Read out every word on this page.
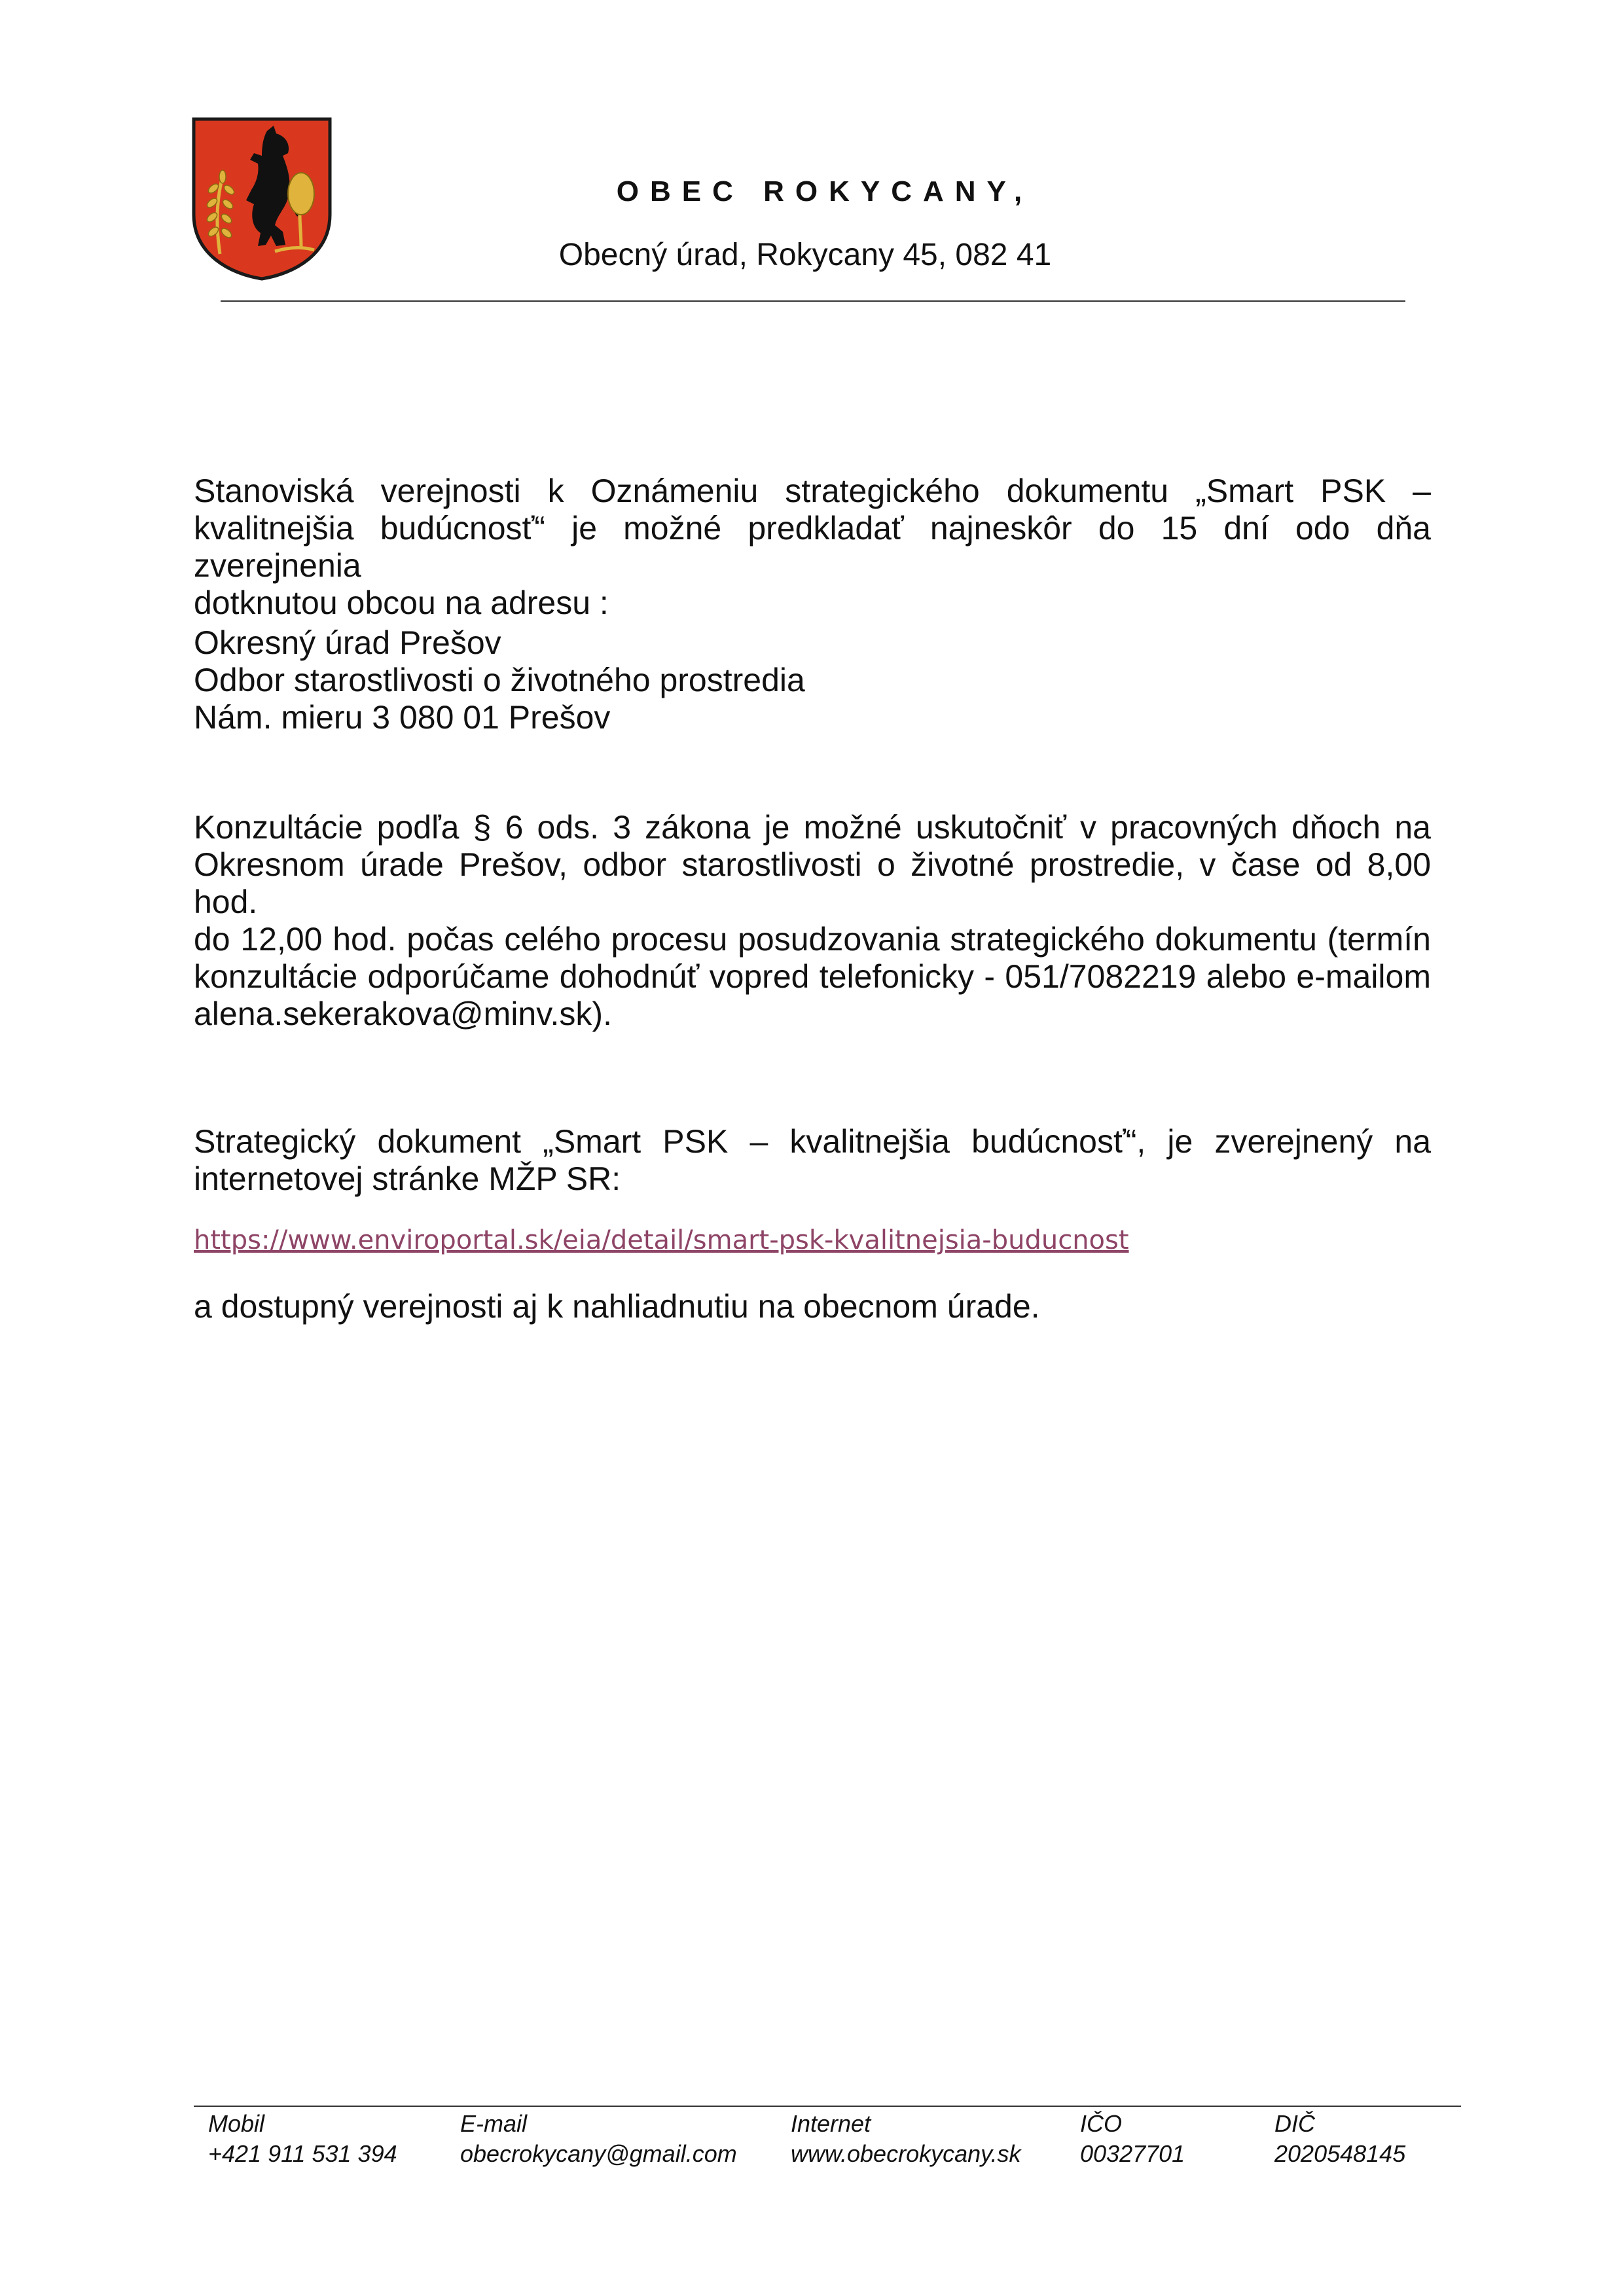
OBEC ROKYCANY,
Obecný úrad, Rokycany 45, 082 41
Stanoviská verejnosti k Oznámeniu strategického dokumentu „Smart PSK –
kvalitnejšia budúcnosť“ je možné predkladať najneskôr do 15 dní odo dňa zverejnenia
dotknutou obcou na adresu :
Okresný úrad Prešov
Odbor starostlivosti o životného prostredia
Nám. mieru 3 080 01 Prešov
Konzultácie podľa § 6 ods. 3 zákona je možné uskutočniť v pracovných dňoch na
Okresnom úrade Prešov, odbor starostlivosti o životné prostredie, v čase od 8,00 hod.
do 12,00 hod. počas celého procesu posudzovania strategického dokumentu (termín
konzultácie odporúčame dohodnúť vopred telefonicky - 051/7082219 alebo e-mailom
alena.sekerakova@minv.sk).
Strategický dokument „Smart PSK – kvalitnejšia budúcnosť“, je zverejnený na
internetovej stránke MŽP SR:
https://www.enviroportal.sk/eia/detail/smart-psk-kvalitnejsia-buducnost
a dostupný verejnosti aj k nahliadnutiu na obecnom úrade.
Mobil
+421 911 531 394
E-mail
obecrokycany@gmail.com
Internet
www.obecrokycany.sk
IČO
00327701
DIČ
2020548145
